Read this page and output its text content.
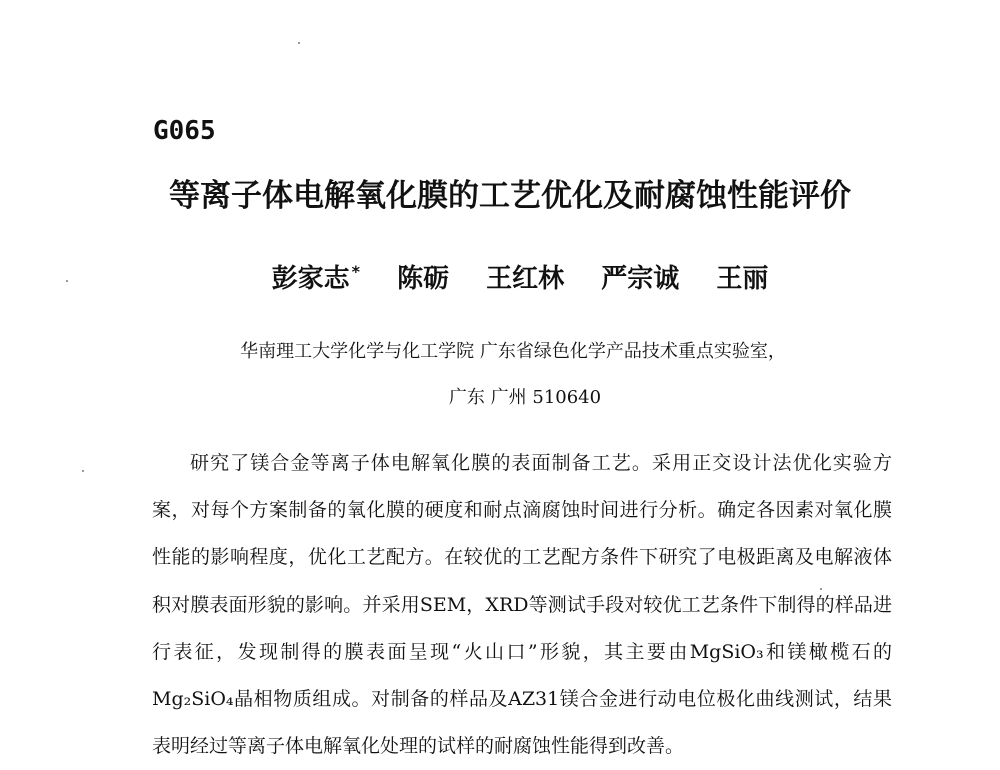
G065
等离子体电解氧化膜的工艺优化及耐腐蚀性能评价
彭家志 * 陈砺 王红林 严宗诚 王丽
华南理工大学化学与化工学院 广东省绿色化学产品技术重点实验室，
广东 广州 510640
研究了镁合金等离子体电解氧化膜的表面制备工艺。采用正交设计法优化实验方案，对每个方案制备的氧化膜的硬度和耐点滴腐蚀时间进行分析。确定各因素对氧化膜性能的影响程度，优化工艺配方。在较优的工艺配方条件下研究了电极距离及电解液体积对膜表面形貌的影响。并采用SEM，XRD等测试手段对较优工艺条件下制得的样品进行表征，发现制得的膜表面呈现“火山口”形貌，其主要由MgSiO₃和镁橄榄石的Mg₂SiO₄晶相物质组成。对制备的样品及AZ31镁合金进行动电位极化曲线测试，结果表明经过等离子体电解氧化处理的试样的耐腐蚀性能得到改善。
